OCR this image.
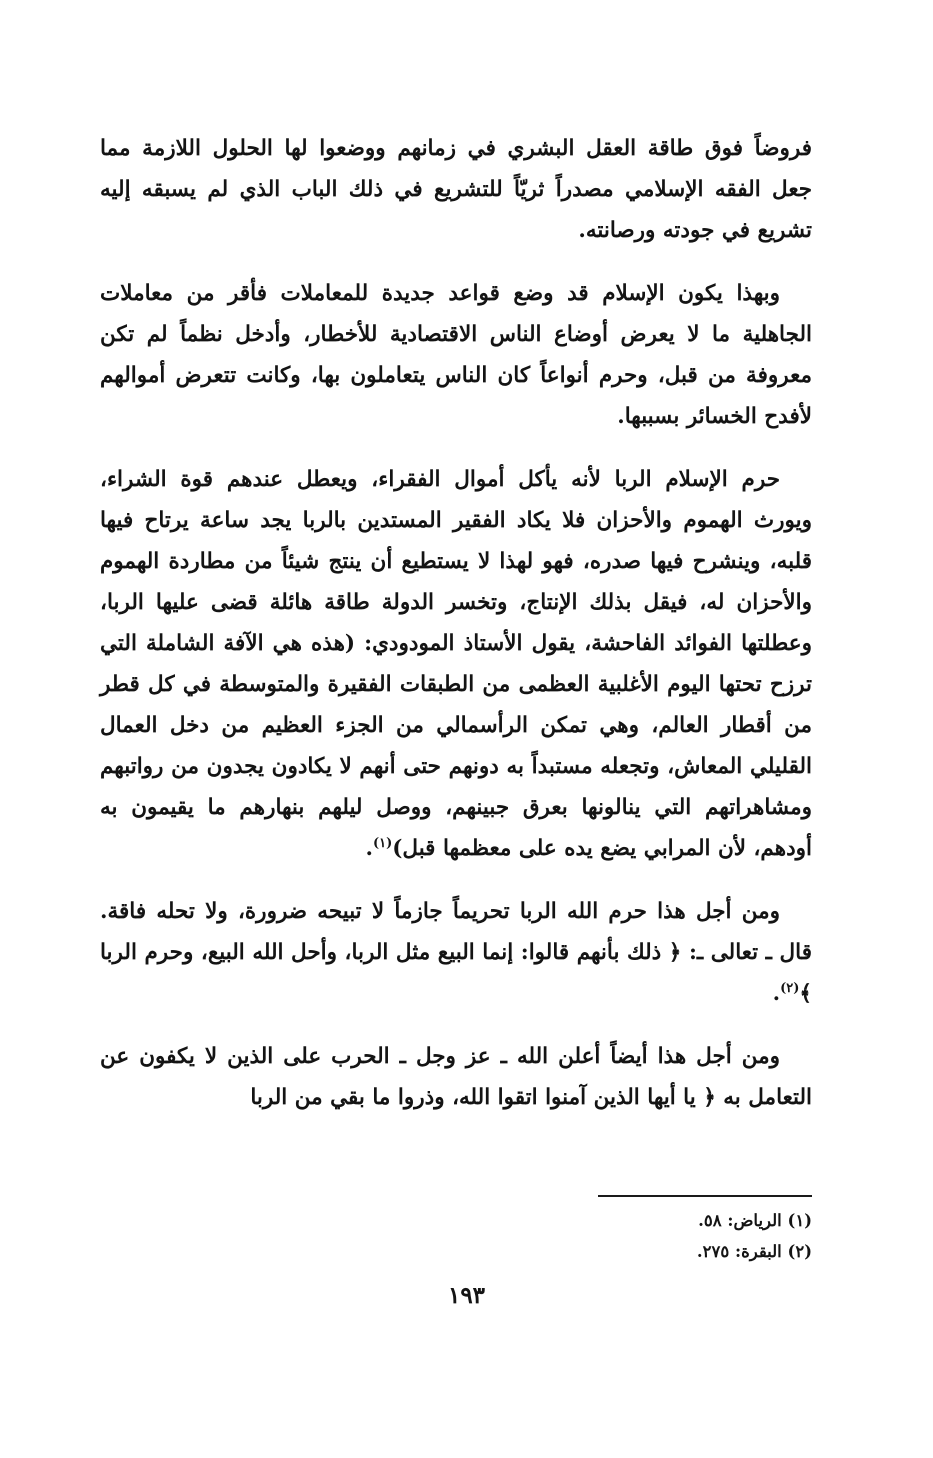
فروضاً فوق طاقة العقل البشري في زمانهم ووضعوا لها الحلول اللازمة مما جعل الفقه الإسلامي مصدراً ثريّاً للتشريع في ذلك الباب الذي لم يسبقه إليه تشريع في جودته ورصانته.

وبهذا يكون الإسلام قد وضع قواعد جديدة للمعاملات فأقر من معاملات الجاهلية ما لا يعرض أوضاع الناس الاقتصادية للأخطار، وأدخل نظماً لم تكن معروفة من قبل، وحرم أنواعاً كان الناس يتعاملون بها، وكانت تتعرض أموالهم لأفدح الخسائر بسببها.

حرم الإسلام الربا لأنه يأكل أموال الفقراء، ويعطل عندهم قوة الشراء، ويورث الهموم والأحزان فلا يكاد الفقير المستدين بالربا يجد ساعة يرتاح فيها قلبه، وينشرح فيها صدره، فهو لهذا لا يستطيع أن ينتج شيئاً من مطاردة الهموم والأحزان له، فيقل بذلك الإنتاج، وتخسر الدولة طاقة هائلة قضى عليها الربا، وعطلتها الفوائد الفاحشة، يقول الأستاذ المودودي: (هذه هي الآفة الشاملة التي ترزح تحتها اليوم الأغلبية العظمى من الطبقات الفقيرة والمتوسطة في كل قطر من أقطار العالم، وهي تمكن الرأسمالي من الجزء العظيم من دخل العمال القليلي المعاش، وتجعله مستبداً به دونهم حتى أنهم لا يكادون يجدون من رواتبهم ومشاهراتهم التي ينالونها بعرق جبينهم، ووصل ليلهم بنهارهم ما يقيمون به أودهم، لأن المرابي يضع يده على معظمها قبل)$^{(١)}$.

ومن أجل هذا حرم الله الربا تحريماً جازماً لا تبيحه ضرورة، ولا تحله فاقة. قال ـ تعالى ـ: ﴿ ذلك بأنهم قالوا: إنما البيع مثل الربا، وأحل الله البيع، وحرم الربا ﴾$^{(٢)}$.

ومن أجل هذا أيضاً أعلن الله ـ عز وجل ـ الحرب على الذين لا يكفون عن التعامل به ﴿ يا أيها الذين آمنوا اتقوا الله، وذروا ما بقي من الربا

(١) الرياض: ٥٨.
(٢) البقرة: ٢٧٥.
١٩٣
